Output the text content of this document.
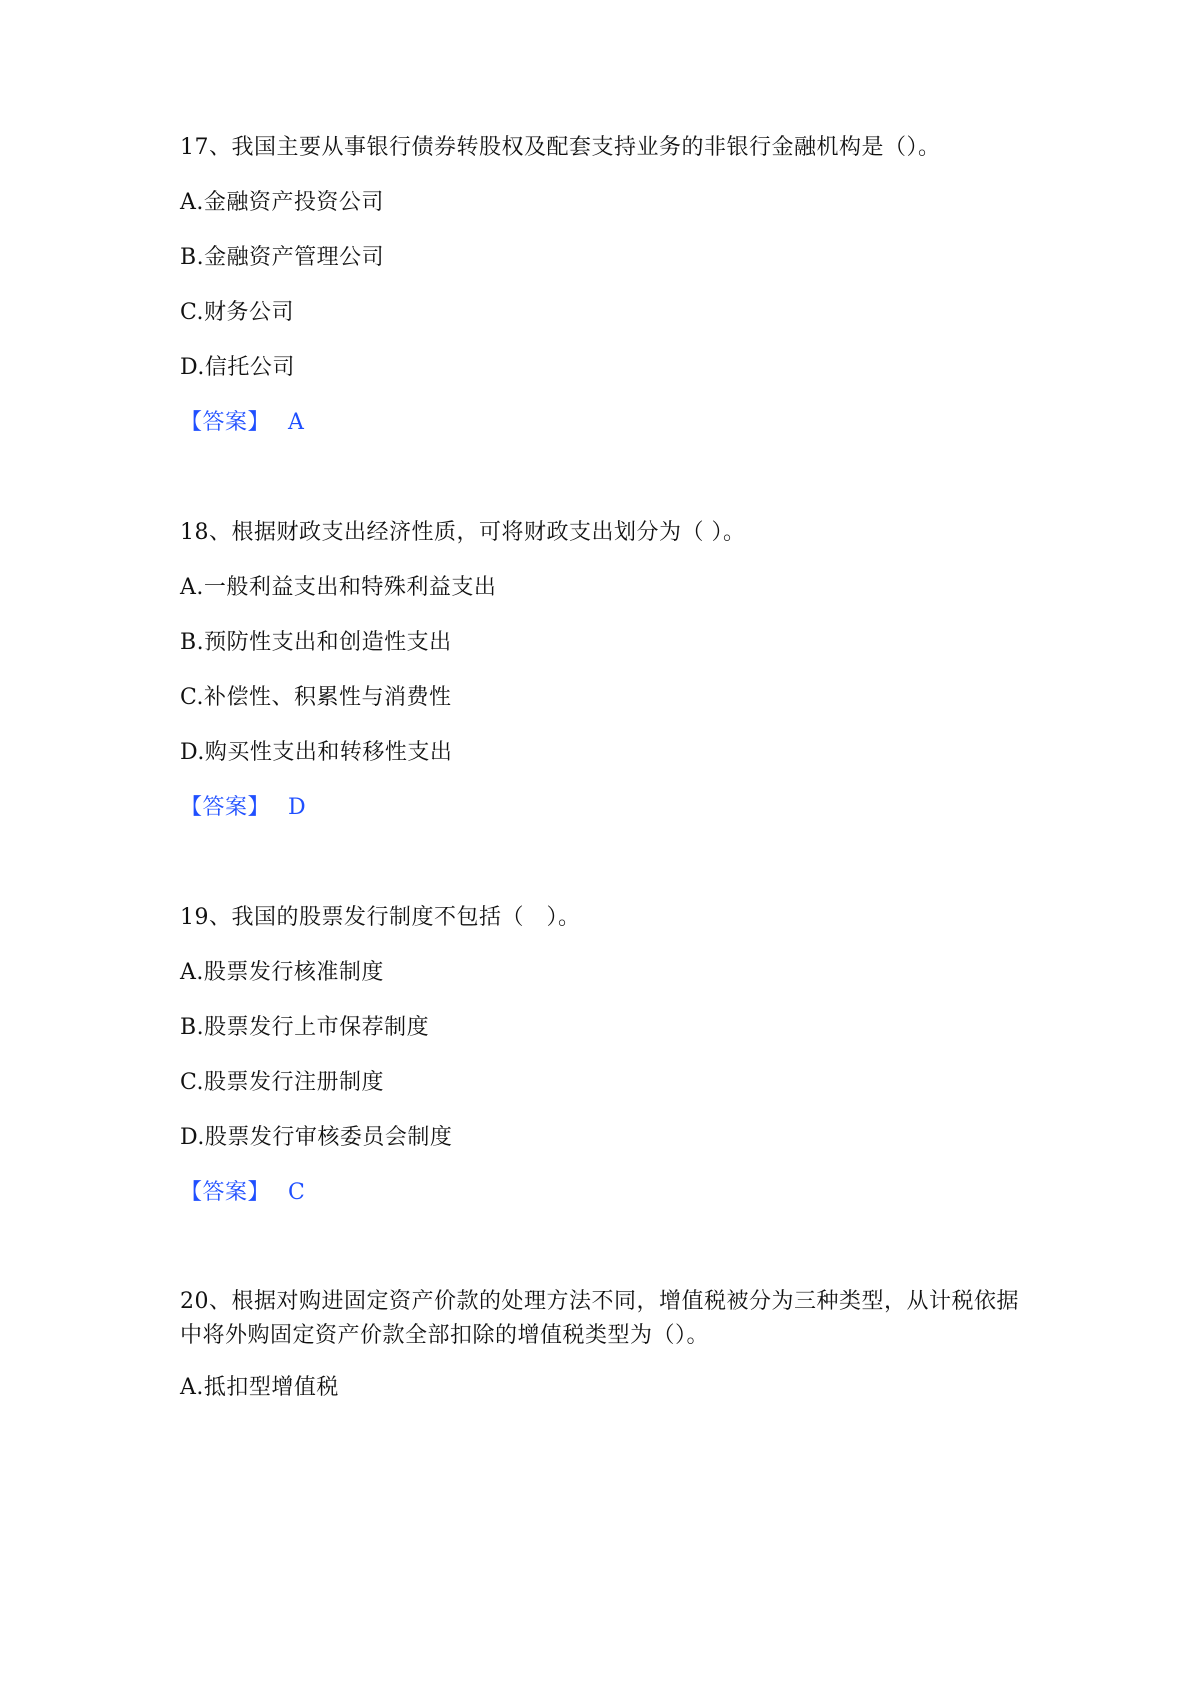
17、我国主要从事银行债券转股权及配套支持业务的非银行金融机构是（）。
A.金融资产投资公司
B.金融资产管理公司
C.财务公司
D.信托公司
【答案】 A
18、根据财政支出经济性质，可将财政支出划分为（ ）。
A.一般利益支出和特殊利益支出
B.预防性支出和创造性支出
C.补偿性、积累性与消费性
D.购买性支出和转移性支出
【答案】 D
19、我国的股票发行制度不包括（　）。
A.股票发行核准制度
B.股票发行上市保荐制度
C.股票发行注册制度
D.股票发行审核委员会制度
【答案】 C
20、根据对购进固定资产价款的处理方法不同，增值税被分为三种类型，从计税依据中将外购固定资产价款全部扣除的增值税类型为（）。
A.抵扣型增值税
